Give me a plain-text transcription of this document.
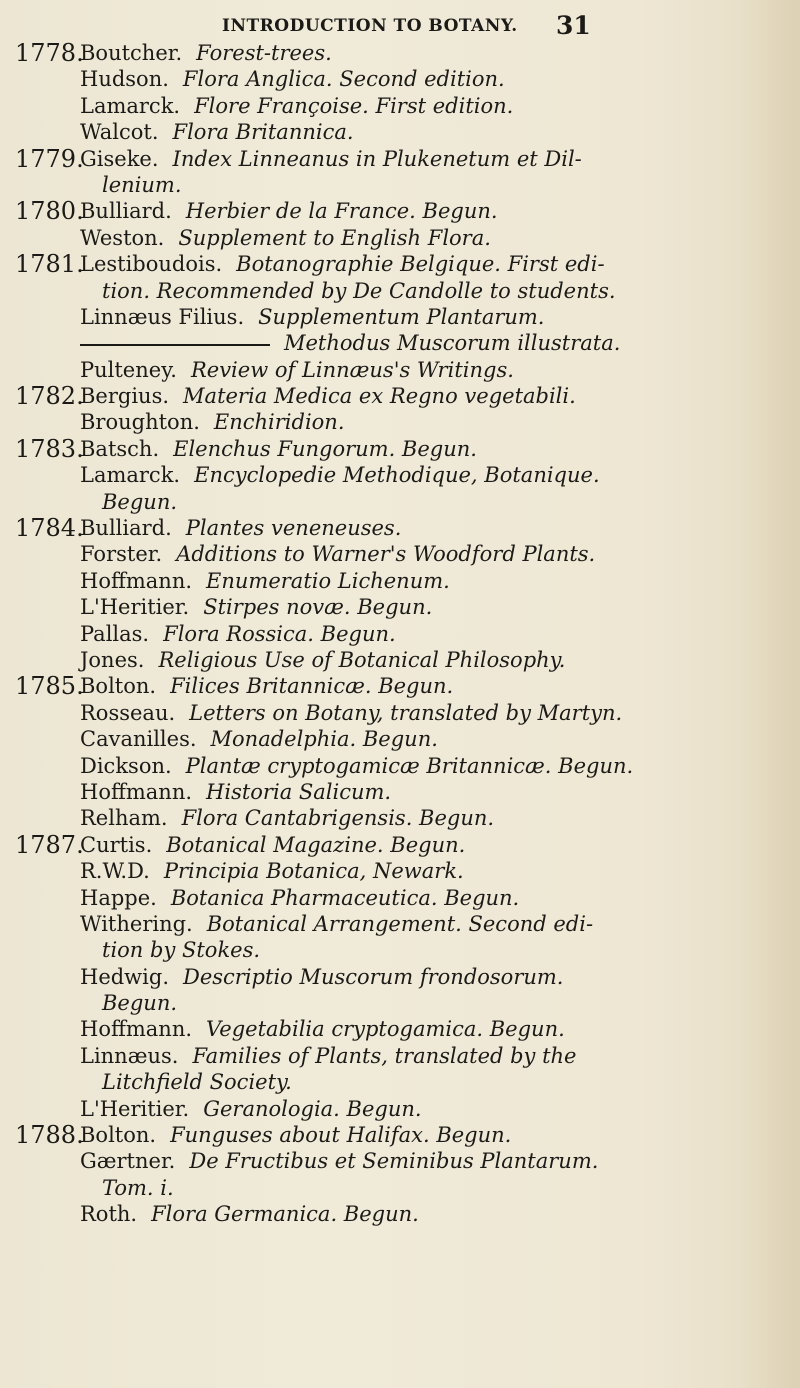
INTRODUCTION TO BOTANY. 31
1778.
Boutcher. Forest-trees.
Hudson. Flora Anglica. Second edition.
Lamarck. Flore Françoise. First edition.
Walcot. Flora Britannica.
1779.
Giseke. Index Linneanus in Plukenetum et Dil-
lenium.
1780.
Bulliard. Herbier de la France. Begun.
Weston. Supplement to English Flora.
1781.
Lestiboudois. Botanographie Belgique. First edi-
tion. Recommended by De Candolle to students.
Linnæus Filius. Supplementum Plantarum.
Methodus Muscorum illustrata.
Pulteney. Review of Linnæus's Writings.
1782.
Bergius. Materia Medica ex Regno vegetabili.
Broughton. Enchiridion.
1783.
Batsch. Elenchus Fungorum. Begun.
Lamarck. Encyclopedie Methodique, Botanique.
Begun.
1784.
Bulliard. Plantes veneneuses.
Forster. Additions to Warner's Woodford Plants.
Hoffmann. Enumeratio Lichenum.
L'Heritier. Stirpes novæ. Begun.
Pallas. Flora Rossica. Begun.
Jones. Religious Use of Botanical Philosophy.
1785.
Bolton. Filices Britannicæ. Begun.
Rosseau. Letters on Botany, translated by Martyn.
Cavanilles. Monadelphia. Begun.
Dickson. Plantæ cryptogamicæ Britannicæ. Begun.
Hoffmann. Historia Salicum.
Relham. Flora Cantabrigensis. Begun.
1787.
Curtis. Botanical Magazine. Begun.
R.W.D. Principia Botanica, Newark.
Happe. Botanica Pharmaceutica. Begun.
Withering. Botanical Arrangement. Second edi-
tion by Stokes.
Hedwig. Descriptio Muscorum frondosorum.
Begun.
Hoffmann. Vegetabilia cryptogamica. Begun.
Linnæus. Families of Plants, translated by the
Litchfield Society.
L'Heritier. Geranologia. Begun.
1788.
Bolton. Funguses about Halifax. Begun.
Gærtner. De Fructibus et Seminibus Plantarum.
Tom. i.
Roth. Flora Germanica. Begun.
